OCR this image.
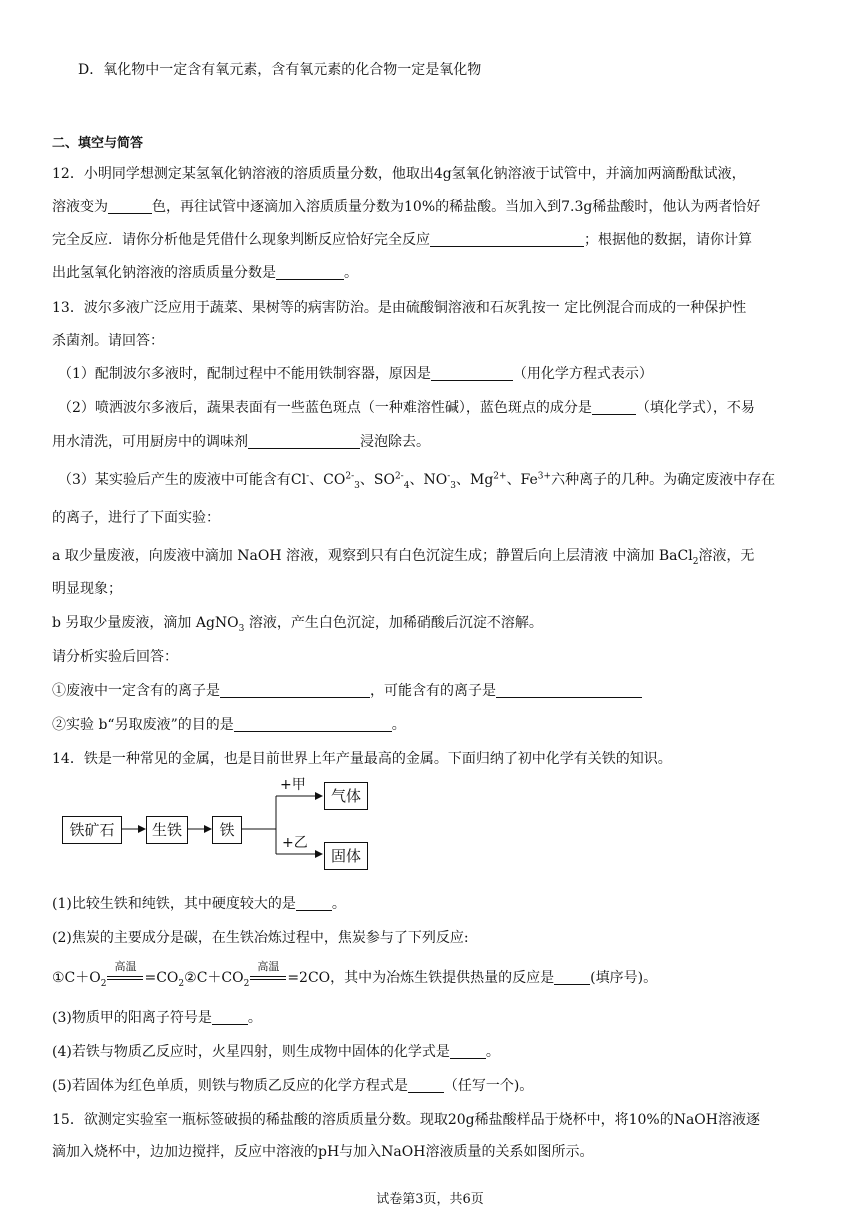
D．氧化物中一定含有氧元素，含有氧元素的化合物一定是氧化物
二、填空与简答
12．小明同学想测定某氢氧化钠溶液的溶质质量分数，他取出4g氢氧化钠溶液于试管中，并滴加两滴酚酞试液，
溶液变为	色，再往试管中逐滴加入溶质质量分数为10%的稀盐酸。当加入到7.3g稀盐酸时，他认为两者恰好
完全反应．请你分析他是凭借什么现象判断反应恰好完全反应	；根据他的数据，请你计算
出此氢氧化钠溶液的溶质质量分数是	。
13．波尔多液广泛应用于蔬菜、果树等的病害防治。是由硫酸铜溶液和石灰乳按一 定比例混合而成的一种保护性
杀菌剂。请回答：
（1）配制波尔多液时，配制过程中不能用铁制容器，原因是	（用化学方程式表示）
（2）喷洒波尔多液后，蔬果表面有一些蓝色斑点（一种难溶性碱），蓝色斑点的成分是	（填化学式），不易
用水清洗，可用厨房中的调味剂	浸泡除去。
（3）某实验后产生的废液中可能含有Cl-、$CO^{2-}_3$、$SO^{2-}_4$、$NO^-_3$、$Mg^{2+}$、$Fe^{3+}$六种离子的几种。为确定废液中存在
的离子，进行了下面实验：
a 取少量废液，向废液中滴加 NaOH 溶液，观察到只有白色沉淀生成；静置后向上层清液 中滴加 BaCl$_2$溶液，无
明显现象；
b 另取少量废液，滴加 AgNO$_3$ 溶液，产生白色沉淀，加稀硝酸后沉淀不溶解。
请分析实验后回答：
①废液中一定含有的离子是	，可能含有的离子是
②实验 b“另取废液”的目的是	。
14．铁是一种常见的金属，也是目前世界上年产量最高的金属。下面归纳了初中化学有关铁的知识。
铁矿石	生铁	铁
+甲
+乙
气体
固体
(1)比较生铁和纯铁，其中硬度较大的是	。
(2)焦炭的主要成分是碳，在生铁冶炼过程中，焦炭参与了下列反应:
$①C+O_2$
高温
$=CO_2②C+CO_2$
高温
=2CO，其中为冶炼生铁提供热量的反应是	(填序号)。
(3)物质甲的阳离子符号是	。
(4)若铁与物质乙反应时，火星四射，则生成物中固体的化学式是	。
(5)若固体为红色单质，则铁与物质乙反应的化学方程式是	（任写一个)。
15．欲测定实验室一瓶标签破损的稀盐酸的溶质质量分数。现取20g稀盐酸样品于烧杯中，将10%的NaOH溶液逐
滴加入烧杯中，边加边搅拌，反应中溶液的pH与加入NaOH溶液质量的关系如图所示。
试卷第3页，共6页
